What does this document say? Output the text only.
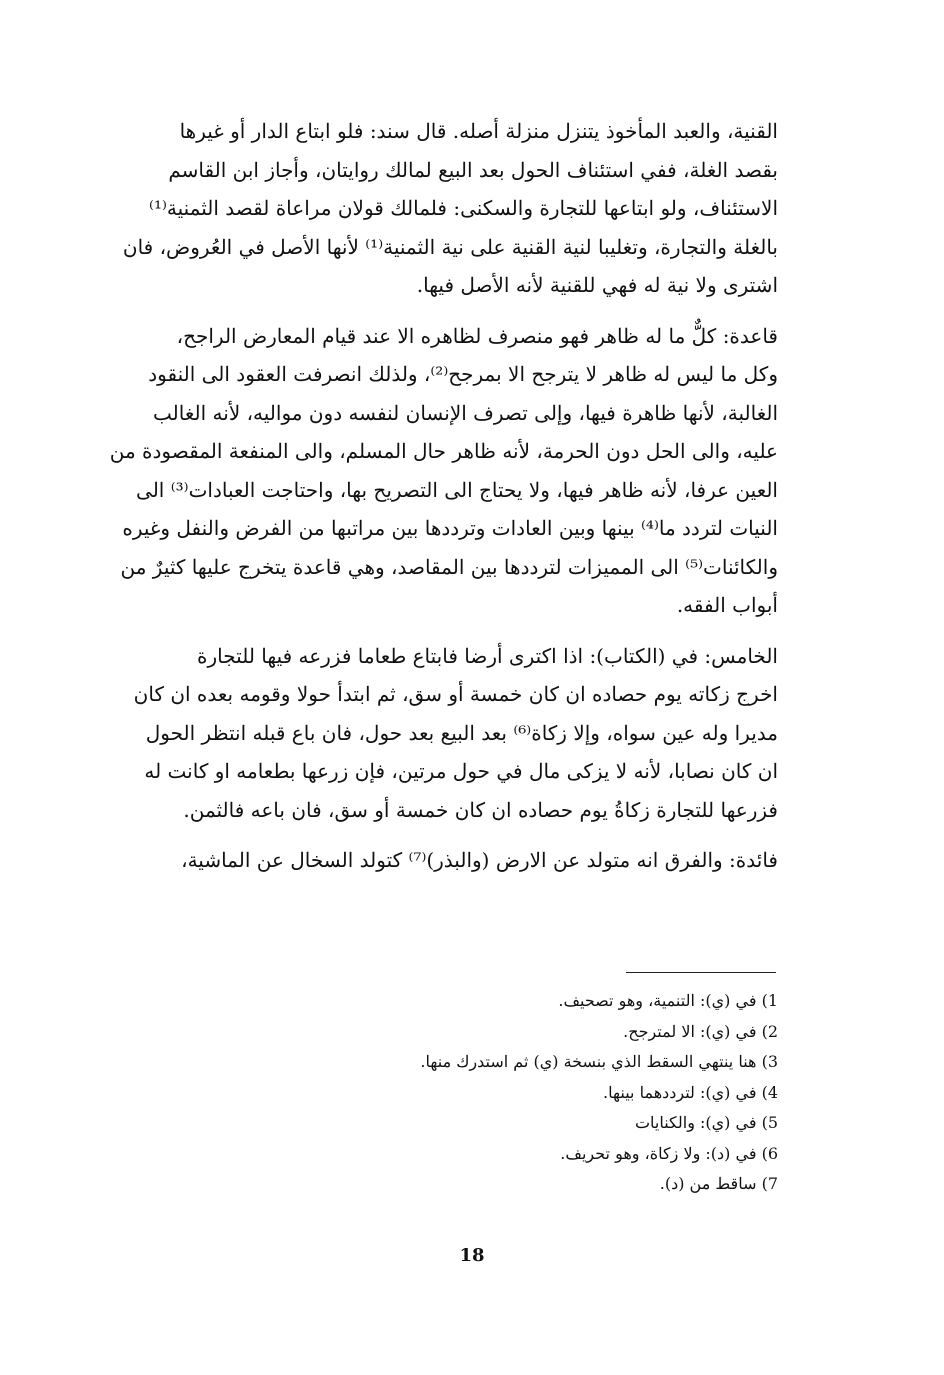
القنية، والعبد المأخوذ يتنزل منزلة أصله. قال سند: فلو ابتاع الدار أو غيرها
بقصد الغلة، ففي استئناف الحول بعد البيع لمالك روايتان، وأجاز ابن القاسم
الاستئناف، ولو ابتاعها للتجارة والسكنى: فلمالك قولان مراعاة لقصد الثمنية⁽¹⁾
بالغلة والتجارة، وتغليبا لنية القنية على نية الثمنية⁽¹⁾ لأنها الأصل في العُروض، فان
اشترى ولا نية له فهي للقنية لأنه الأصل فيها.

قاعدة: كلٌّ ما له ظاهر فهو منصرف لظاهره الا عند قيام المعارض الراجح،
وكل ما ليس له ظاهر لا يترجح الا بمرجح⁽²⁾، ولذلك انصرفت العقود الى النقود
الغالبة، لأنها ظاهرة فيها، وإلى تصرف الإنسان لنفسه دون مواليه، لأنه الغالب
عليه، والى الحل دون الحرمة، لأنه ظاهر حال المسلم، والى المنفعة المقصودة من
العين عرفا، لأنه ظاهر فيها، ولا يحتاج الى التصريح بها، واحتاجت العبادات⁽³⁾ الى
النيات لتردد ما⁽⁴⁾ بينها وبين العادات وترددها بين مراتبها من الفرض والنفل وغيره
والكائنات⁽⁵⁾ الى المميزات لترددها بين المقاصد، وهي قاعدة يتخرج عليها كثيرٌ من
أبواب الفقه.

الخامس: في (الكتاب): اذا اكترى أرضا فابتاع طعاما فزرعه فيها للتجارة
اخرج زكاته يوم حصاده ان كان خمسة أو سق، ثم ابتدأ حولا وقومه بعده ان كان
مديرا وله عين سواه، وإلا زكاة⁽⁶⁾ بعد البيع بعد حول، فان باع قبله انتظر الحول
ان كان نصابا، لأنه لا يزكى مال في حول مرتين، فإن زرعها بطعامه او كانت له
فزرعها للتجارة زكاةُ يوم حصاده ان كان خمسة أو سق، فان باعه فالثمن.

فائدة: والفرق انه متولد عن الارض (والبذر)⁽⁷⁾ كتولد السخال عن الماشية،

1) في (ي): التنمية، وهو تصحيف.
2) في (ي): الا لمترجح.
3) هنا ينتهي السقط الذي بنسخة (ي) ثم استدرك منها.
4) في (ي): لترددهما بينها.
5) في (ي): والكنايات
6) في (د): ولا زكاة، وهو تحريف.
7) ساقط من (د).
18
